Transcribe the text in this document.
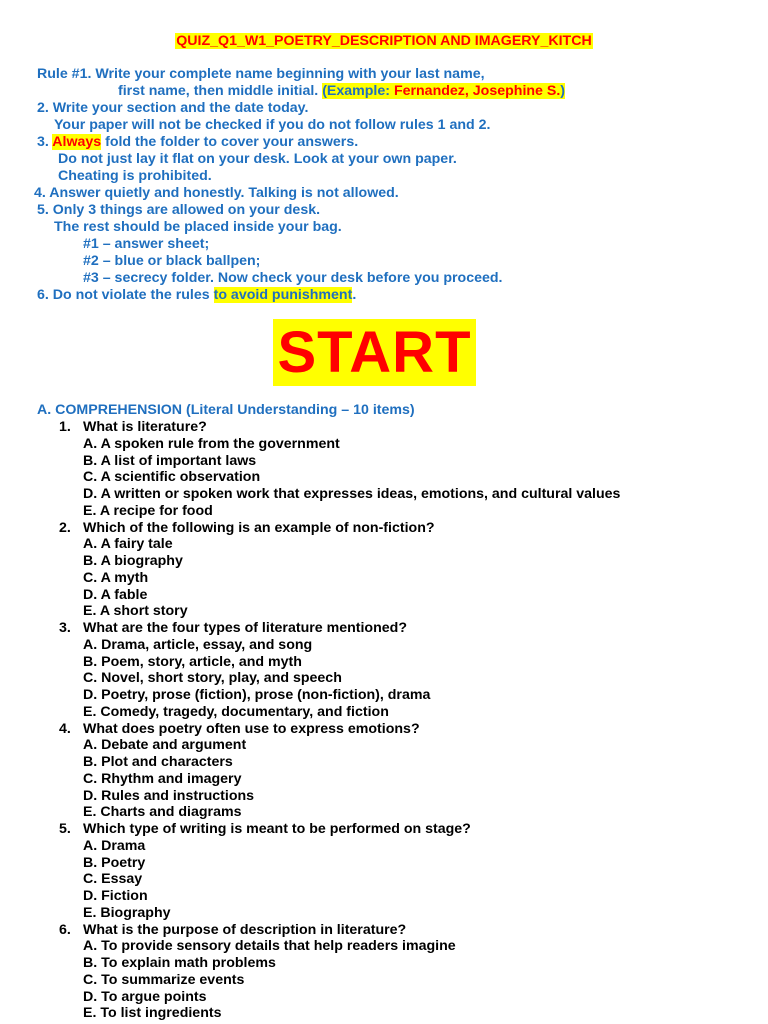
QUIZ_Q1_W1_POETRY_DESCRIPTION AND IMAGERY_KITCH
Rule #1. Write your complete name beginning with your last name,
first name, then middle initial. (Example: Fernandez, Josephine S.)
2. Write your section and the date today.
Your paper will not be checked if you do not follow rules 1 and 2.
3. Always fold the folder to cover your answers.
Do not just lay it flat on your desk. Look at your own paper.
Cheating is prohibited.
4. Answer quietly and honestly. Talking is not allowed.
5. Only 3 things are allowed on your desk.
The rest should be placed inside your bag.
#1 – answer sheet;
#2 – blue or black ballpen;
#3 – secrecy folder. Now check your desk before you proceed.
6. Do not violate the rules to avoid punishment.
START
A. COMPREHENSION (Literal Understanding – 10 items)
1. What is literature?
A. A spoken rule from the government
B. A list of important laws
C. A scientific observation
D. A written or spoken work that expresses ideas, emotions, and cultural values
E. A recipe for food
2. Which of the following is an example of non-fiction?
A. A fairy tale
B. A biography
C. A myth
D. A fable
E. A short story
3. What are the four types of literature mentioned?
A. Drama, article, essay, and song
B. Poem, story, article, and myth
C. Novel, short story, play, and speech
D. Poetry, prose (fiction), prose (non-fiction), drama
E. Comedy, tragedy, documentary, and fiction
4. What does poetry often use to express emotions?
A. Debate and argument
B. Plot and characters
C. Rhythm and imagery
D. Rules and instructions
E. Charts and diagrams
5. Which type of writing is meant to be performed on stage?
A. Drama
B. Poetry
C. Essay
D. Fiction
E. Biography
6. What is the purpose of description in literature?
A. To provide sensory details that help readers imagine
B. To explain math problems
C. To summarize events
D. To argue points
E. To list ingredients
